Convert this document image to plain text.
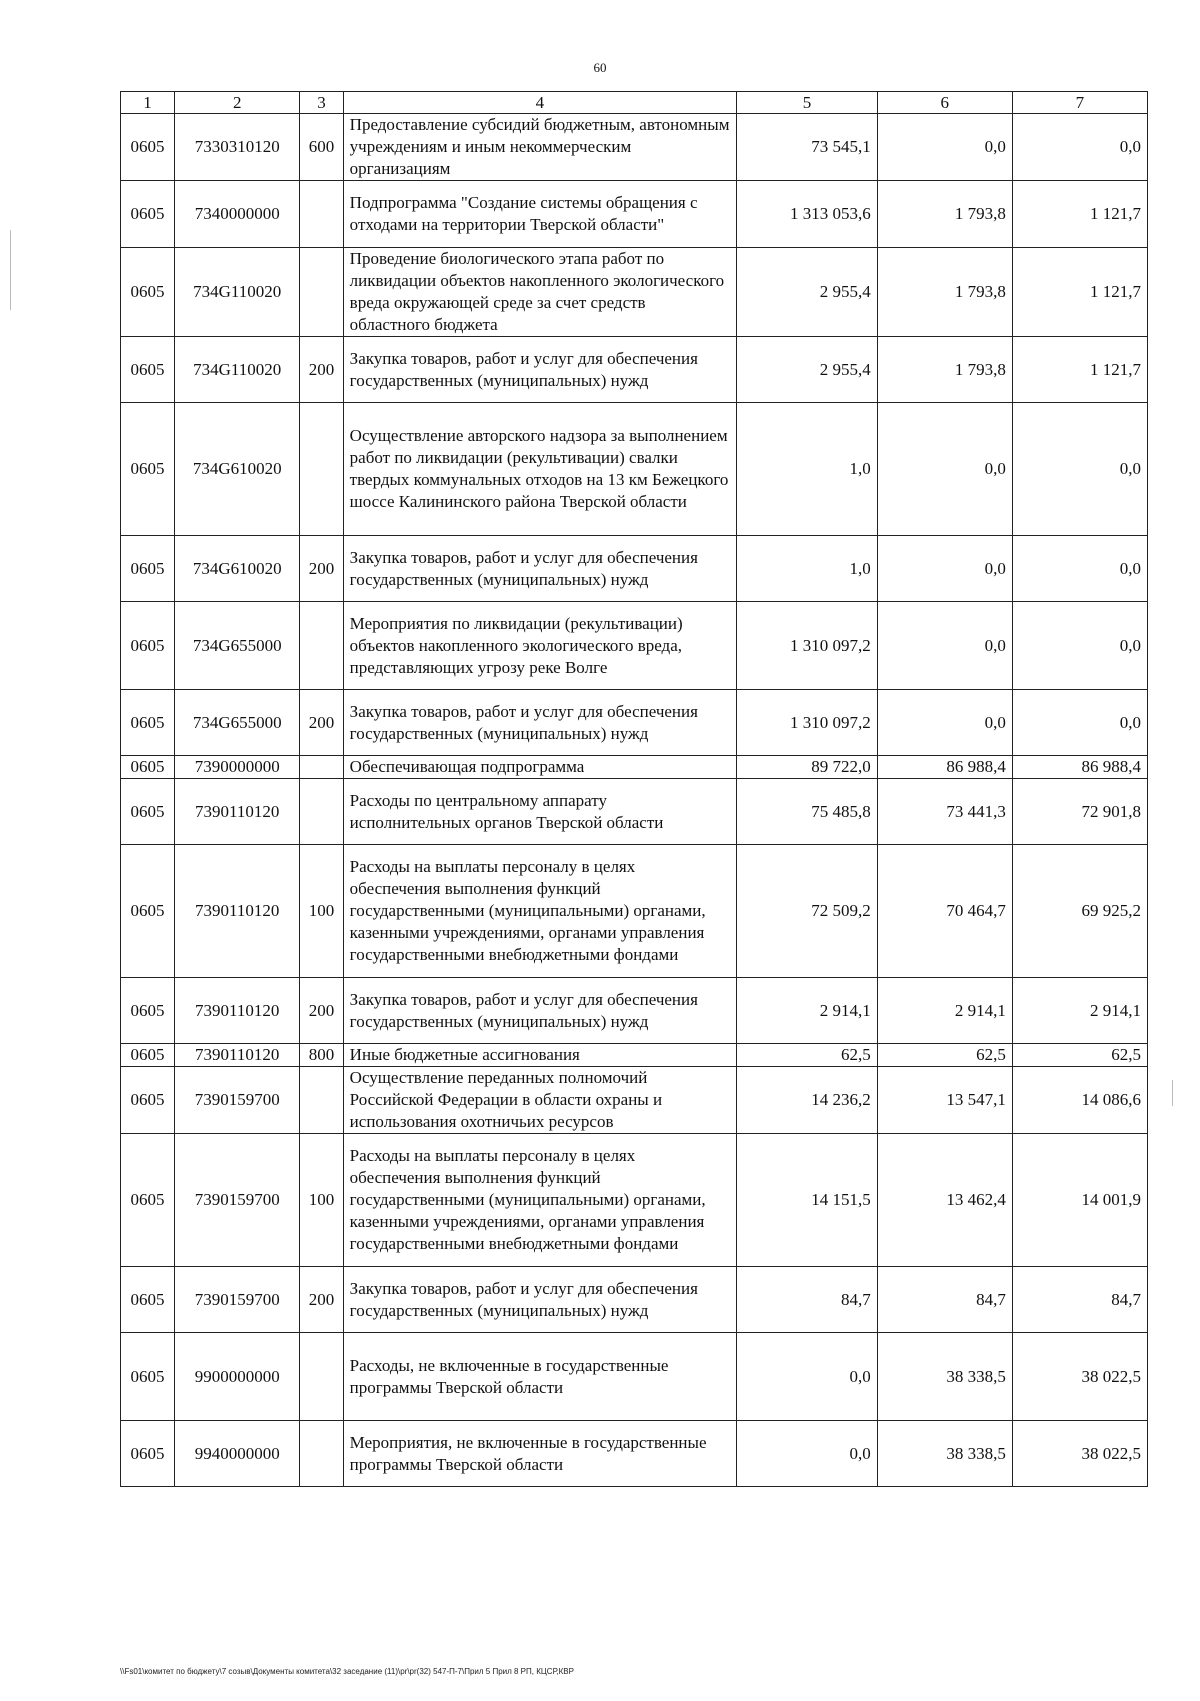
60
1	2	3	4	5	6	7
0605	7330310120	600	Предоставление субсидий бюджетным, автономным учреждениям и иным некоммерческим организациям	73 545,1	0,0	0,0
0605	7340000000		Подпрограмма "Создание системы обращения с отходами на территории Тверской области"	1 313 053,6	1 793,8	1 121,7
0605	734G110020		Проведение биологического этапа работ по ликвидации объектов накопленного экологического вреда окружающей среде за счет средств областного бюджета	2 955,4	1 793,8	1 121,7
0605	734G110020	200	Закупка товаров, работ и услуг для обеспечения государственных (муниципальных) нужд	2 955,4	1 793,8	1 121,7
0605	734G610020		Осуществление авторского надзора за выполнением работ по ликвидации (рекультивации) свалки твердых коммунальных отходов на 13 км Бежецкого шоссе Калининского района Тверской области	1,0	0,0	0,0
0605	734G610020	200	Закупка товаров, работ и услуг для обеспечения государственных (муниципальных) нужд	1,0	0,0	0,0
0605	734G655000		Мероприятия по ликвидации (рекультивации) объектов накопленного экологического вреда, представляющих угрозу реке Волге	1 310 097,2	0,0	0,0
0605	734G655000	200	Закупка товаров, работ и услуг для обеспечения государственных (муниципальных) нужд	1 310 097,2	0,0	0,0
0605	7390000000		Обеспечивающая подпрограмма	89 722,0	86 988,4	86 988,4
0605	7390110120		Расходы по центральному аппарату исполнительных органов Тверской области	75 485,8	73 441,3	72 901,8
0605	7390110120	100	Расходы на выплаты персоналу в целях обеспечения выполнения функций государственными (муниципальными) органами, казенными учреждениями, органами управления государственными внебюджетными фондами	72 509,2	70 464,7	69 925,2
0605	7390110120	200	Закупка товаров, работ и услуг для обеспечения государственных (муниципальных) нужд	2 914,1	2 914,1	2 914,1
0605	7390110120	800	Иные бюджетные ассигнования	62,5	62,5	62,5
0605	7390159700		Осуществление переданных полномочий Российской Федерации в области охраны и использования охотничьих ресурсов	14 236,2	13 547,1	14 086,6
0605	7390159700	100	Расходы на выплаты персоналу в целях обеспечения выполнения функций государственными (муниципальными) органами, казенными учреждениями, органами управления государственными внебюджетными фондами	14 151,5	13 462,4	14 001,9
0605	7390159700	200	Закупка товаров, работ и услуг для обеспечения государственных (муниципальных) нужд	84,7	84,7	84,7
0605	9900000000		Расходы, не включенные в государственные программы Тверской области	0,0	38 338,5	38 022,5
0605	9940000000		Мероприятия, не включенные в государственные программы Тверской области	0,0	38 338,5	38 022,5
\\Fs01\комитет по бюджету\7 созыв\Документы комитета\32 заседание (11)\pr\pr(32) 547-П-7\Прил 5 Прил 8 РП, КЦСР,КВР
